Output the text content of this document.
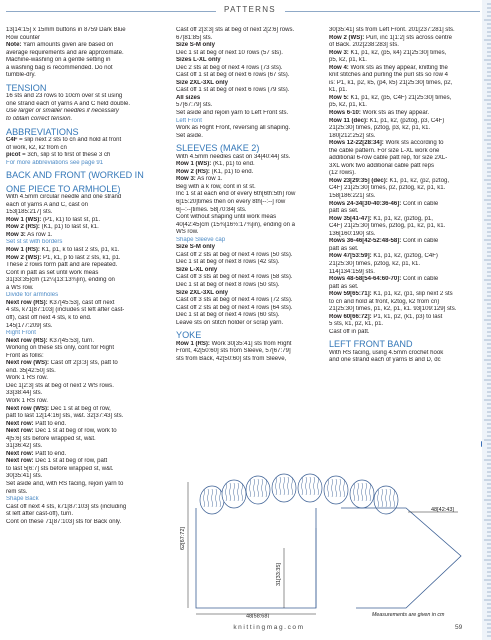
PATTERNS
13[14:15] x 15mm buttons in 8759 Dark Blue
Row counter
Note: Yarn amounts given are based on
average requirements and are approximate.
Machine-washing on a gentle setting in
a washing bag is recommended. Do not
tumble-dry.
TENSION
16 sts and 23 rows to 10cm over st st using
one strand each of yarns A and C held double.
Use larger or smaller needles if necessary
to obtain correct tension.
ABBREVIATIONS
C4F = slip next 2 sts to cn and hold at front
of work, k2, k2 from cn
picot = 3ch, slip st to first of these 3 ch
For more abbreviations see page 91
BACK AND FRONT (WORKED IN
ONE PIECE TO ARMHOLE)
With 4.5mm circular needle and one strand
each of yarns A and C, cast on
153[185:217] sts.
Row 1 (WS): (P1, k1) to last st, p1.
Row 2 (RS): (K1, p1) to last st, k1.
Row 3: As row 1.
Set st st with borders
Row 1 (RS): K1, p1, k to last 2 sts, p1, k1.
Row 2 (WS): P1, k1, p to last 2 sts, k1, p1.
These 2 rows form patt and are repeated.
Cont in patt as set until work meas
31[33:35]cm (12¼[13:13¾]in), ending on
a WS row.
Divide for armholes
Next row (RS): K37[45:53], cast off next
4 sts, k71[87:103] (includes st left after cast-
off), cast off next 4 sts, k to end.
145[177:209] sts.
Right Front
Next row (RS): K37[45:53], turn.
Working on these sts only, cont for Right
Front as follis:
Next row (WS): Cast off 2[3:3] sts, patt to
end. 35[42:50] sts.
Work 1 RS row.
Dec 1[2:3] sts at beg of next 2 WS rows.
33[38:44] sts.
Work 1 RS row.
Next row (WS): Dec 1 st at beg of row,
patt to last 12[14:16] sts, w&t. 32[37:43] sts.
Next row: Patt to end.
Next row: Dec 1 st at beg of row, work to
4[5:6] sts before wrapped st, w&t.
31[36:42] sts.
Next row: Patt to end.
Next row: Dec 1 st at beg of row, patt
to last 5[6:7] sts before wrapped st, w&t.
30[35:41] sts.
Set aside and, with RS facing, rejoin yarn to
rem sts.
Shape Back
Cast off next 4 sts, k71[87:103] sts (including
st left after cast-off), turn.
Cont on these 71[87:103] sts for Back only.
Cast off 2[3:3] sts at beg of next 2[2:6] rows.
67[81:85] sts.
Size S-M only
Dec 1 st at beg of next 10 rows (57 sts).
Sizes L-XL only
Dec 2 sts at beg of next 4 rows (73 sts).
Cast off 1 st at beg of next 6 rows (67 sts).
Size 2XL-3XL only
Cast off 1 st at beg of next 6 rows (79 sts).
All sizes
57[67:79] sts.
Set aside and rejoin yarn to Left Front sts.
Left Front
Work as Right Front, reversing all shaping.
Set aside.
SLEEVES (MAKE 2)
With 4.5mm needles cast on 34[40:44] sts.
Row 1 (WS): (K1, p1) to end.
Row 2 (RS): (K1, p1) to end.
Row 3: As row 1.
Beg with a k row, cont in st st.
Inc 1 st at each end of every 6th[6th:5th] row
6[15:20]times then on every 8th[--:--] row
6[--:--]times. 58[70:84] sts.
Cont without shaping until work meas
40[42:45]cm (15¾[16½:17¾]in), ending on a
WS row.
Shape Sleeve cap
Size S-M only
Cast off 2 sts at beg of next 4 rows (50 sts).
Dec 1 st at beg of next 8 rows (42 sts).
Size L-XL only
Cast off 3 sts at beg of next 4 rows (58 sts).
Dec 1 st at beg of next 8 rows (50 sts).
Size 2XL-3XL only
Cast off 3 sts at beg of next 4 rows (72 sts).
Cast off 2 sts at beg of next 4 rows (64 sts).
Dec 1 st at beg of next 4 rows (60 sts).
Leave sts on stitch holder or scrap yarn.
YOKE
Row 1 (RS): Work 30[35:41] sts from Right
Front, 42[50:60] sts from Sleeve, 57[67:79]
sts from Back, 42[50:60] sts from Sleeve,
30[35:41] sts from Left Front. 201[237:281] sts.
Row 2 (WS): Purl, inc 1[1:2] sts across centre
of Back. 202[238:283] sts.
Row 3: K1, p1, k2, (p5, k4) 21[25:30] times,
p5, k2, p1, k1.
Row 4: Work sts as they appear, knitting the
knit stitches and purling the purl sts so row 4
is: P1, k1, p2, k5, (p4, k5) 21[25:30] times, p2,
k1, p1.
Row 5: K1, p1, k2, (p5, C4F) 21[25:30] times,
p5, k2, p1, k1.
Rows 6-10: Work sts as they appear.
Row 11 (dec): K1, p1, k2, (p2tog, p3, C4F)
21[25:30] times, p2tog, p3, k2, p1, k1.
180[212:252] sts.
Rows 12-22[28:34]: Work sts according to
the cable pattern. For size L-XL work one
additional 6-row cable patt rep, for size 2XL-
3XL work two additional cable patt reps
(12 rows).
Row 23[29:35] (dec): K1, p1, k2, (p2, p2tog,
C4F) 21[25:30] times, p2, p2tog, k2, p1, k1.
158[186:221] sts.
Rows 24-34[30-40:36-46]: Cont in cable
patt as set.
Row 35[41-47]: K1, p1, k2, (p2tog, p1,
C4F) 21[25:30] times, p2tog, p1, k2, p1, k1.
136[160:190] sts.
Rows 36-46[42-52:48-58]: Cont in cable
patt as set.
Row 47[53:59]: K1, p1, k2, (p2tog, C4F)
21[25:30] times, p2tog, k2, p1, k1.
114[134:159] sts.
Rows 48-58[54-64:60-70]: Cont in cable
patt as set.
Row 59[65:71]: K1, p1, k2, (p1, slip next 2 sts
to cn and hold at front, k2tog, k2 from cn)
21[25:30] times, p1, k2, p1, k1. 93[109:129] sts.
Row 60[66:72]: P1, k1, p2, (k1, p3) to last
5 sts, k1, p2, k1, p1.
Cast off in patt.
LEFT FRONT BAND
With RS facing, using 4.5mm crochet hook
and one strand each of yarns B and D, dc
62[67:72]
31[33:35]
48[42:43]
48[58:68]	Measurements are given in cm
knittingmag.com	59
